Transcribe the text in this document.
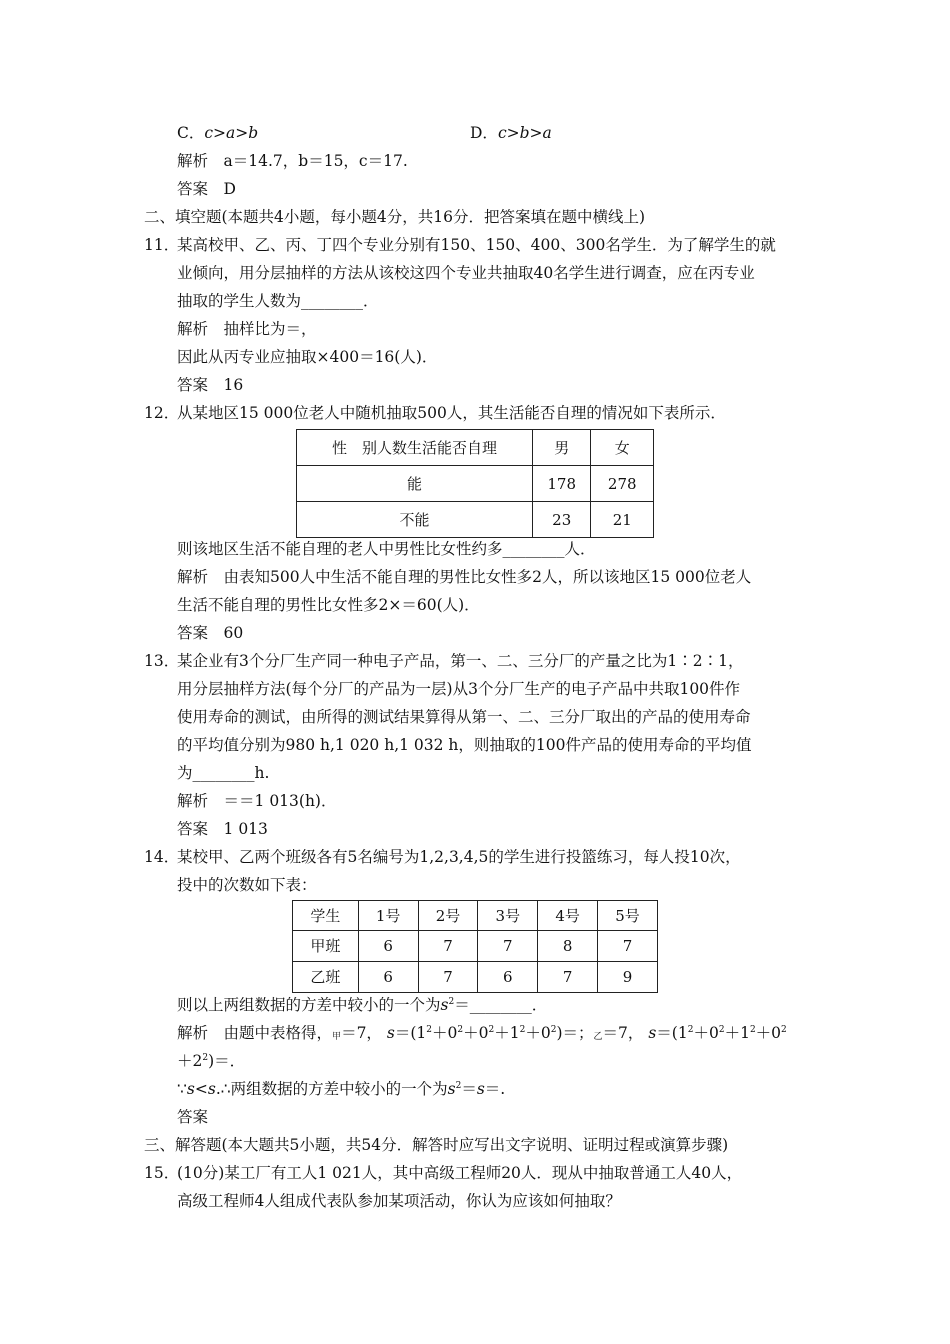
C．c>a>b	D．c>b>a
解析　 a＝14.7，b＝15，c＝17.
答案　 D
二、填空题(本题共4小题，每小题4分，共16分．把答案填在题中横线上)
11．
某高校甲、乙、丙、丁四个专业分别有150、150、400、300名学生．为了解学生的就
业倾向，用分层抽样的方法从该校这四个专业共抽取40名学生进行调查，应在丙专业
抽取的学生人数为________．
解析　 抽样比为＝，
因此从丙专业应抽取×400＝16(人)．
答案　 16
12．
从某地区15 000位老人中随机抽取500人，其生活能否自理的情况如下表所示．
性　别人数生活能否自理	男	女
能	178	278
不能	23	21
则该地区生活不能自理的老人中男性比女性约多________人．
解析　 由表知500人中生活不能自理的男性比女性多2人，所以该地区15 000位老人
生活不能自理的男性比女性多2×＝60(人)．
答案　 60
13．
某企业有3个分厂生产同一种电子产品，第一、二、三分厂的产量之比为1∶2∶1，
用分层抽样方法(每个分厂的产品为一层)从3个分厂生产的电子产品中共取100件作
使用寿命的测试，由所得的测试结果算得从第一、二、三分厂取出的产品的使用寿命
的平均值分别为980 h,1 020 h,1 032 h，则抽取的100件产品的使用寿命的平均值
为________h.
解析　 ＝＝1 013(h)．
答案　 1 013
14．
某校甲、乙两个班级各有5名编号为1,2,3,4,5的学生进行投篮练习，每人投10次，
投中的次数如下表：
学生	1号	2号	3号	4号	5号
甲班	6	7	7	8	7
乙班	6	7	6	7	9
则以上两组数据的方差中较小的一个为$s^2=\_\_\_\_\_\_\_\_$．
解析　 由题中表格得，$_甲$＝7， $s=(1^2+0^2+0^2+1^2+0^2)=$；$_乙$＝7， $s=(1^2+0^2+1^2+0^2$
$+2^2)=$．
∵s<s.∴两组数据的方差中较小的一个为$s^2=s=$.
答案
三、解答题(本大题共5小题，共54分．解答时应写出文字说明、证明过程或演算步骤)
15．
(10分)某工厂有工人1 021人，其中高级工程师20人．现从中抽取普通工人40人，
高级工程师4人组成代表队参加某项活动，你认为应该如何抽取？
